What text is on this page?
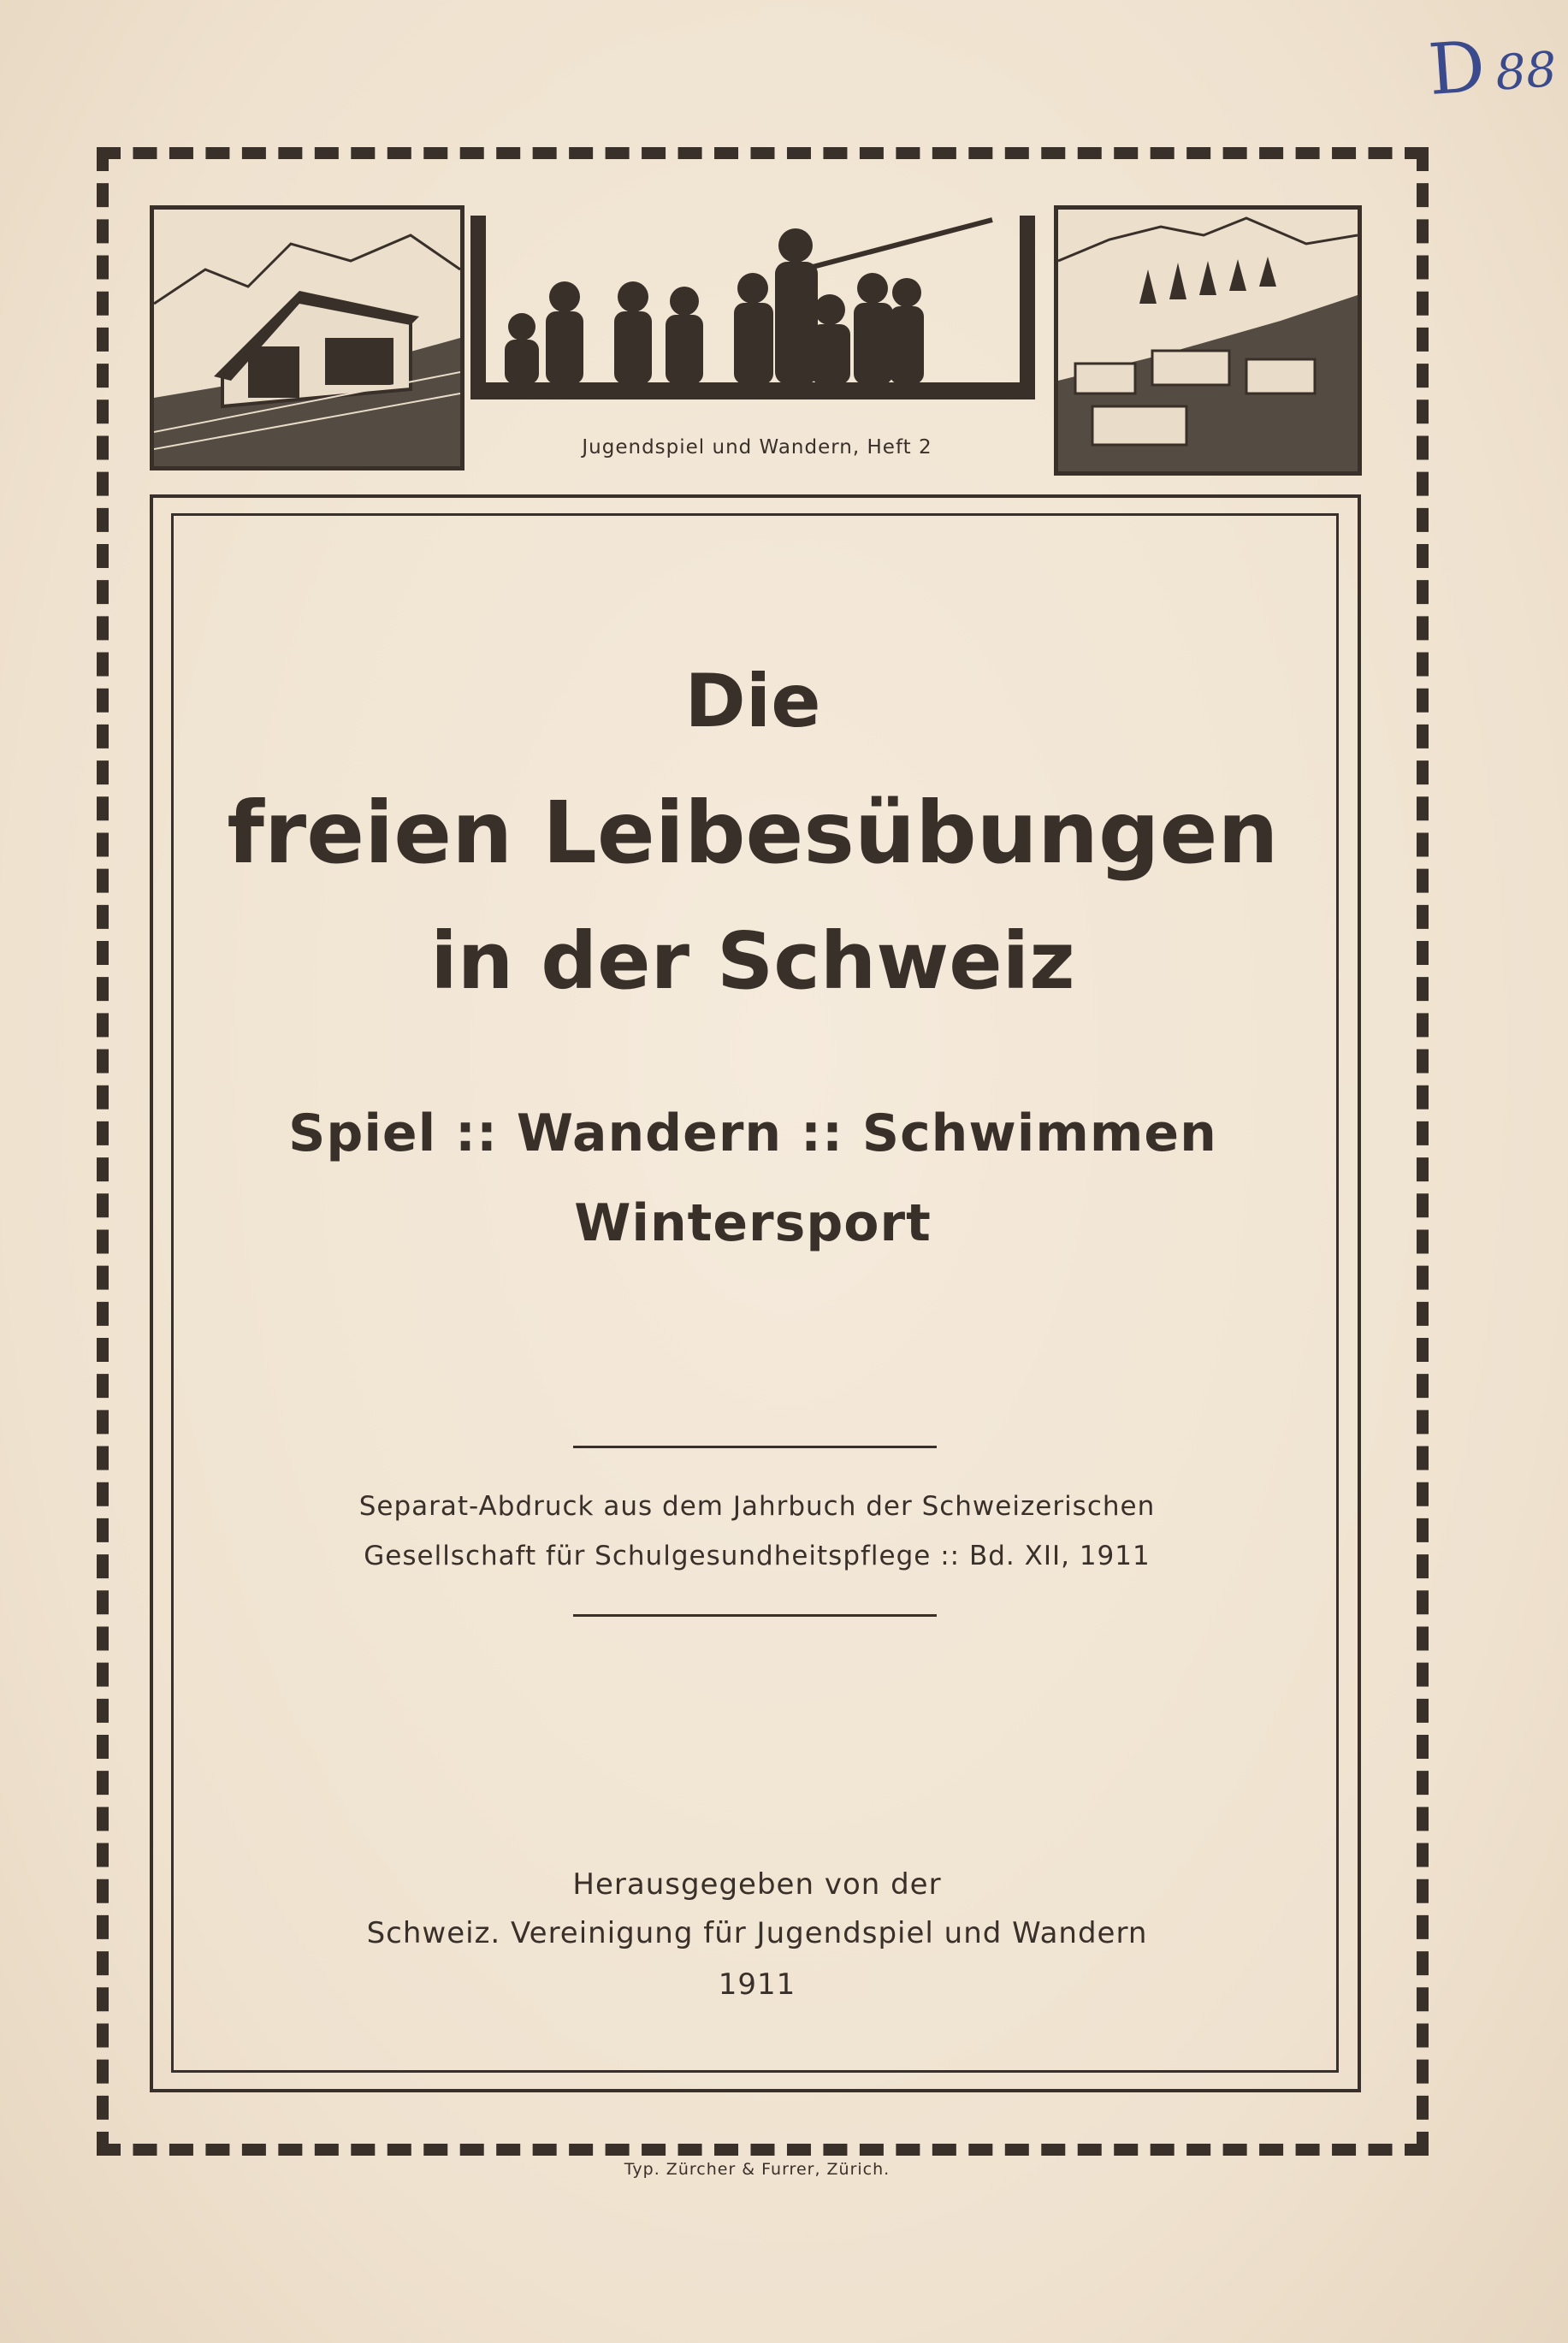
D 88
Jugendspiel und Wandern, Heft 2
Die
freien Leibesübungen
in der Schweiz
Spiel :: Wandern :: Schwimmen
Wintersport
Separat-Abdruck aus dem Jahrbuch der Schweizerischen
Gesellschaft für Schulgesundheitspflege :: Bd. XII, 1911
Herausgegeben von der
Schweiz. Vereinigung für Jugendspiel und Wandern
1911
Typ. Zürcher & Furrer, Zürich.
